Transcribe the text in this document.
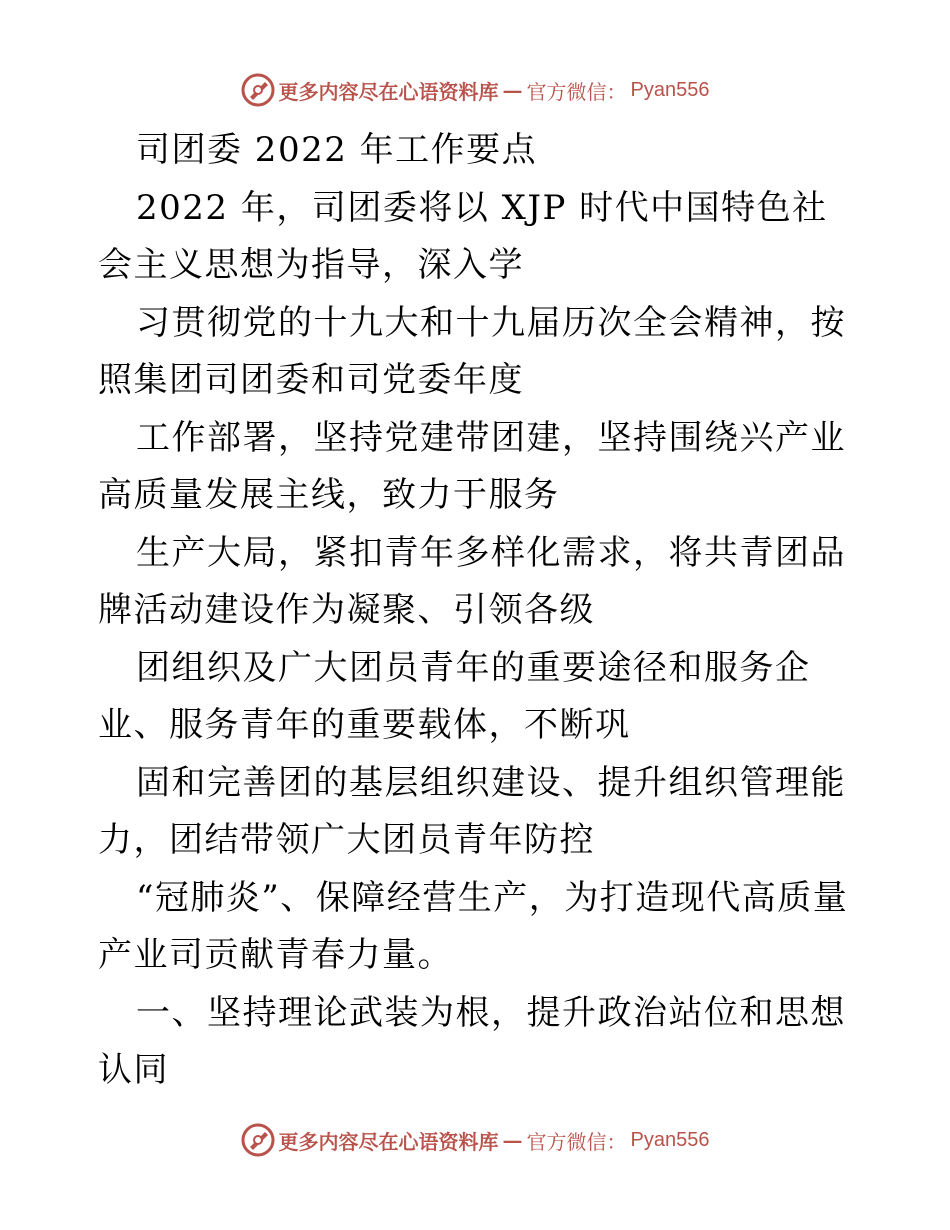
更多内容尽在心语资料库 — 官方微信： Pyan556

司团委 2022 年工作要点

2022 年，司团委将以 XJP 时代中国特色社会主义思想为指导，深入学

习贯彻党的十九大和十九届历次全会精神，按照集团司团委和司党委年度

工作部署，坚持党建带团建，坚持围绕兴产业高质量发展主线，致力于服务

生产大局，紧扣青年多样化需求，将共青团品牌活动建设作为凝聚、引领各级

团组织及广大团员青年的重要途径和服务企业、服务青年的重要载体，不断巩

固和完善团的基层组织建设、提升组织管理能力，团结带领广大团员青年防控

“冠肺炎”、保障经营生产，为打造现代高质量产业司贡献青春力量。

一、坚持理论武装为根，提升政治站位和思想认同

更多内容尽在心语资料库 — 官方微信： Pyan556
